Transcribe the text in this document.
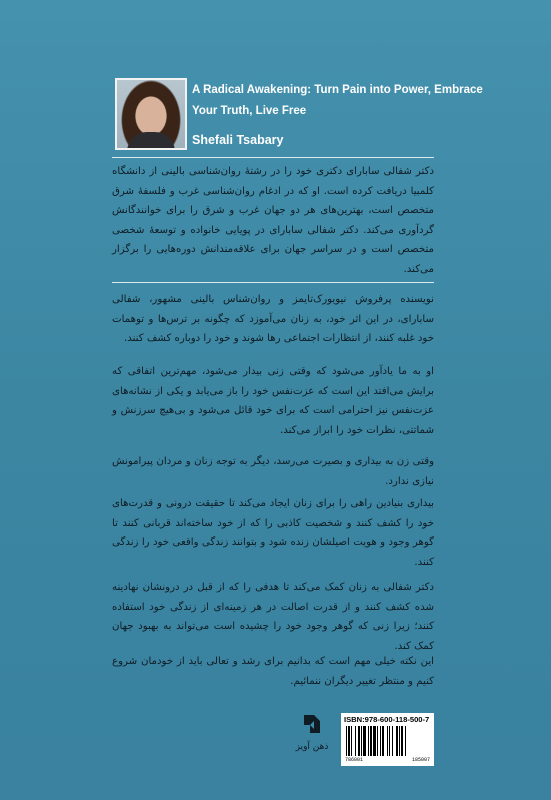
A Radical Awakening: Turn Pain into Power, Embrace Your Truth, Live Free
Shefali Tsabary
دکتر شفالی سابارای دکتری خود را در رشتهٔ روان‌شناسی بالینی از دانشگاه کلمبیا دریافت کرده است. او که در ادغام روان‌شناسی غرب و فلسفهٔ شرق متخصص است، بهترین‌های هر دو جهان غرب و شرق را برای خوانندگانش گردآوری می‌کند. دکتر شفالی سابارای در پویایی خانواده و توسعهٔ شخصی متخصص است و در سراسر جهان برای علاقه‌مندانش دوره‌هایی را برگزار می‌کند.
نویسنده پرفروش نیویورک‌تایمز و روان‌شناس بالینی مشهور، شفالی سابارای، در این اثر خود، به زنان می‌آموزد که چگونه بر ترس‌ها و توهمات خود غلبه کنند، از انتظارات اجتماعی رها شوند و خود را دوباره کشف کنند.
او به ما یادآور می‌شود که وقتی زنی بیدار می‌شود، مهم‌ترین اتفاقی که برایش می‌افتد این است که عزت‌نفس خود را باز می‌یابد و یکی از نشانه‌های عزت‌نفس نیز احترامی است که برای خود قائل می‌شود و بی‌هیچ سرزنش و شماتتی، نظرات خود را ابراز می‌کند.
وقتی زن به بیداری و بصیرت می‌رسد، دیگر به توجه زنان و مردان پیرامونش نیازی ندارد.
بیداری بنیادین راهی را برای زنان ایجاد می‌کند تا حقیقت درونی و قدرت‌های خود را کشف کنند و شخصیت کاذبی را که از خود ساخته‌اند قربانی کنند تا گوهر وجود و هویت اصیلشان زنده شود و بتوانند زندگی واقعی خود را زندگی کنند.
دکتر شفالی به زنان کمک می‌کند تا هدفی را که از قبل در درونشان نهادینه شده کشف کنند و از قدرت اصالت در هر زمینه‌ای از زندگی خود استفاده کنند؛ زیرا زنی که گوهر وجود خود را چشیده است می‌تواند به بهبود جهان کمک کند.
این نکته خیلی مهم است که بدانیم برای رشد و تعالی باید از خودمان شروع کنیم و منتظر تغییر دیگران ننمائیم.
ذهن آویز
ISBN:978-600-118-500-7
786001	185007
